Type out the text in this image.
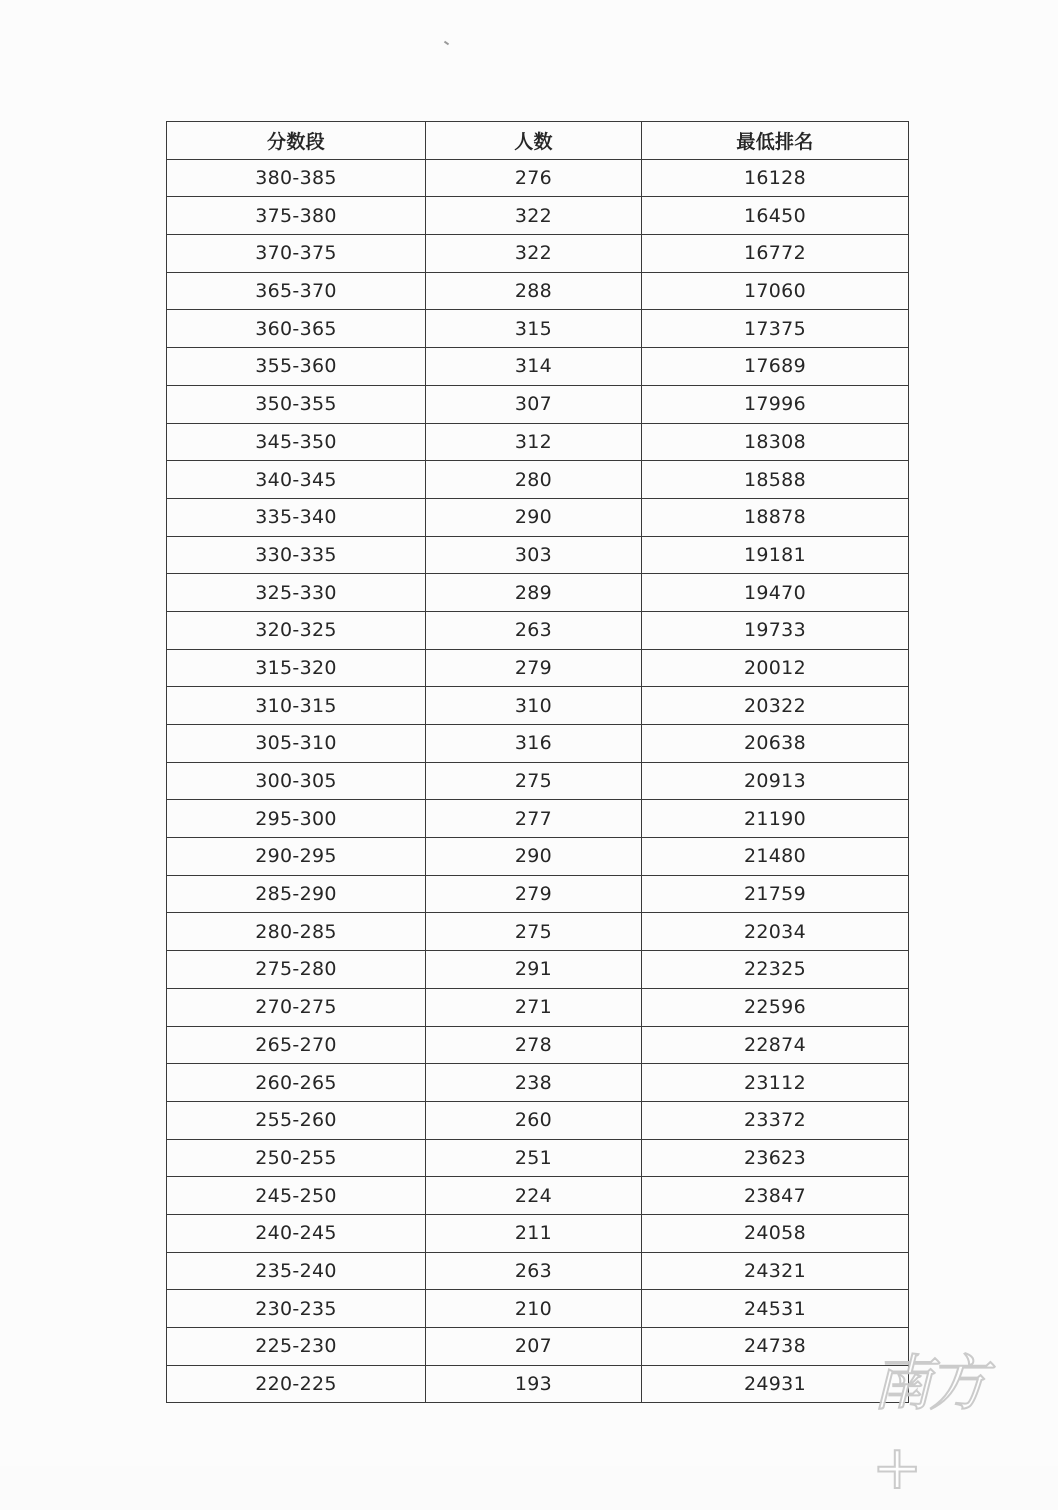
分数段	人数	最低排名
380-385	276	16128
375-380	322	16450
370-375	322	16772
365-370	288	17060
360-365	315	17375
355-360	314	17689
350-355	307	17996
345-350	312	18308
340-345	280	18588
335-340	290	18878
330-335	303	19181
325-330	289	19470
320-325	263	19733
315-320	279	20012
310-315	310	20322
305-310	316	20638
300-305	275	20913
295-300	277	21190
290-295	290	21480
285-290	279	21759
280-285	275	22034
275-280	291	22325
270-275	271	22596
265-270	278	22874
260-265	238	23112
255-260	260	23372
250-255	251	23623
245-250	224	23847
240-245	211	24058
235-240	263	24321
230-235	210	24531
225-230	207	24738
220-225	193	24931 南方+
